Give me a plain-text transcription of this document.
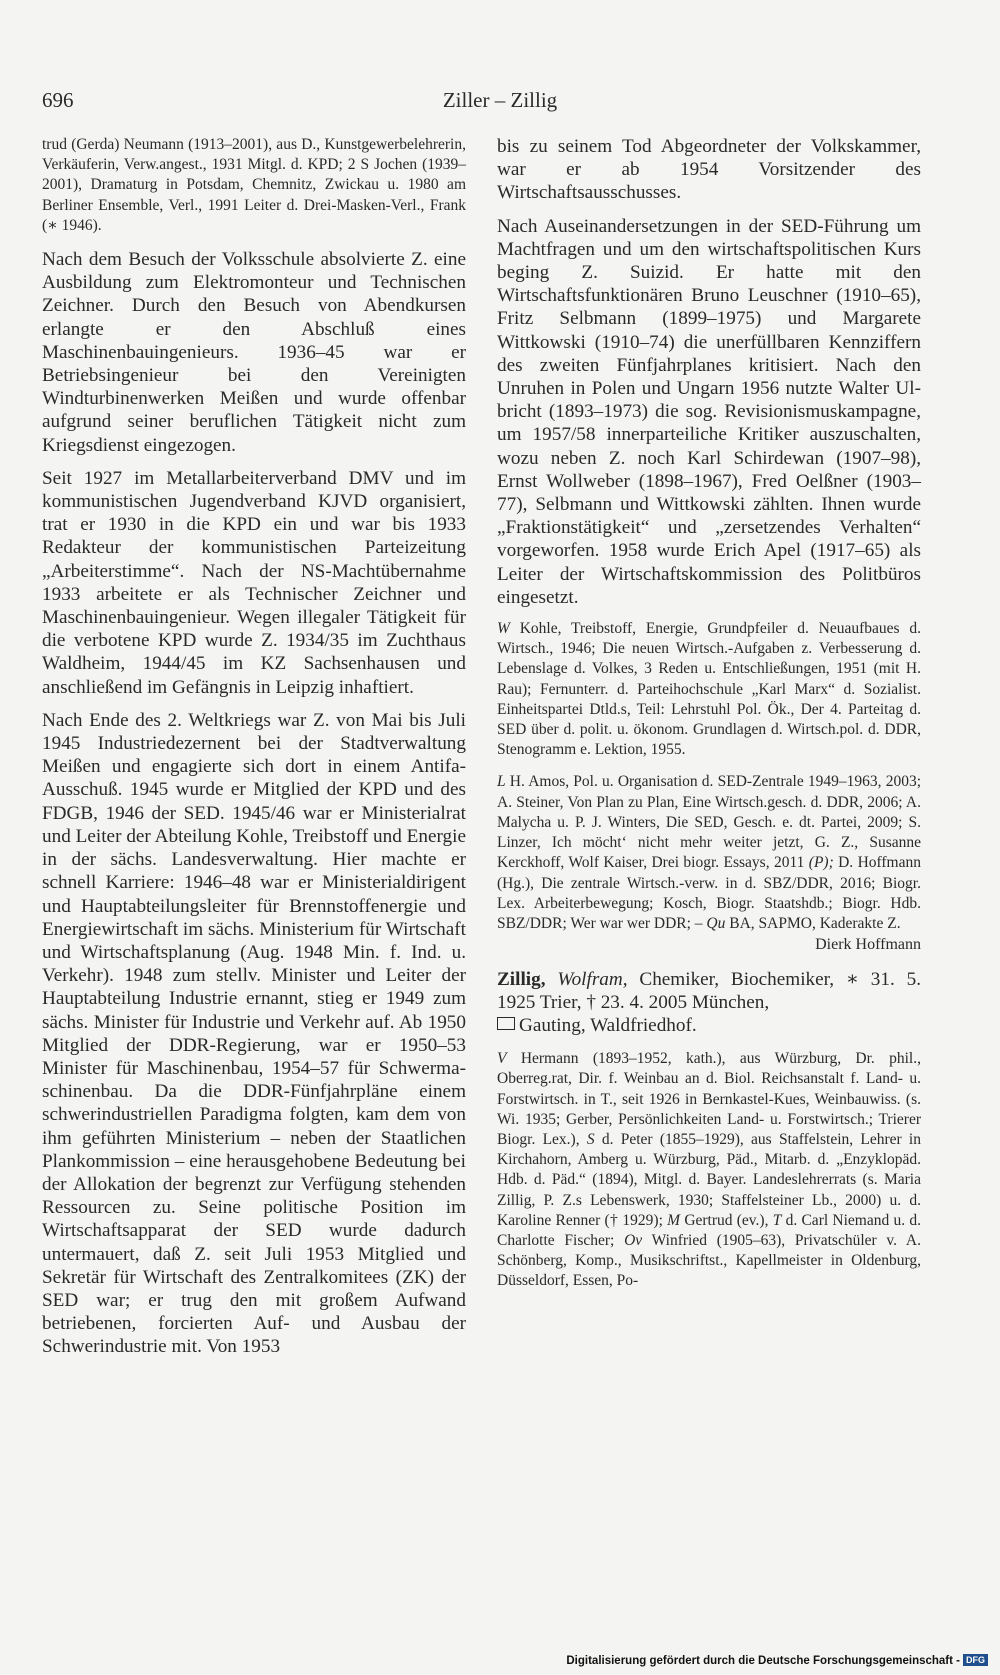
696	Ziller – Zillig

trud (Gerda) Neumann (1913–2001), aus D., Kunstgewerbelehrerin, Verkäuferin, Verw.angest., 1931 Mitgl. d. KPD; 2 S Jochen (1939–2001), Dramaturg in Potsdam, Chemnitz, Zwickau u. 1980 am Berliner Ensemble, Verl., 1991 Leiter d. Drei-Masken-Verl., Frank (∗ 1946).

Nach dem Besuch der Volksschule absolvierte Z. eine Ausbildung zum Elektromonteur und Technischen Zeichner. Durch den Besuch von Abendkursen erlangte er den Abschluß eines Maschinenbauingenieurs. 1936–45 war er Betriebsingenieur bei den Vereinigten Windturbinenwerken Meißen und wurde offenbar aufgrund seiner beruflichen Tätigkeit nicht zum Kriegsdienst eingezogen.

Seit 1927 im Metallarbeiterverband DMV und im kommunistischen Jugendverband KJVD organisiert, trat er 1930 in die KPD ein und war bis 1933 Redakteur der kommunistischen Parteizeitung „Arbeiterstimme“. Nach der NS-Machtübernahme 1933 arbeitete er als Technischer Zeichner und Maschinenbauingenieur. Wegen illegaler Tätigkeit für die verbotene KPD wurde Z. 1934/35 im Zuchthaus Waldheim, 1944/45 im KZ Sachsenhausen und anschließend im Gefängnis in Leipzig inhaftiert.

Nach Ende des 2. Weltkriegs war Z. von Mai bis Juli 1945 Industriedezernent bei der Stadtverwaltung Meißen und engagierte sich dort in einem Antifa-Ausschuß. 1945 wurde er Mitglied der KPD und des FDGB, 1946 der SED. 1945/46 war er Ministerialrat und Leiter der Abteilung Kohle, Treibstoff und Energie in der sächs. Landesverwaltung. Hier machte er schnell Karriere: 1946–48 war er Ministerialdirigent und Hauptabteilungsleiter für Brennstoffenergie und Energiewirtschaft im sächs. Ministerium für Wirtschaft und Wirtschaftsplanung (Aug. 1948 Min. f. Ind. u. Verkehr). 1948 zum stellv. Minister und Leiter der Hauptabteilung Industrie ernannt, stieg er 1949 zum sächs. Minister für Industrie und Verkehr auf. Ab 1950 Mitglied der DDR-Regierung, war er 1950–53 Minister für Maschinenbau, 1954–57 für Schwermaschinenbau. Da die DDR-Fünfjahrpläne einem schwerindustriellen Paradigma folgten, kam dem von ihm geführten Ministerium – neben der Staatlichen Plankommission – eine herausgehobene Bedeutung bei der Allokation der begrenzt zur Verfügung stehenden Ressourcen zu. Seine politische Position im Wirtschaftsapparat der SED wurde dadurch untermauert, daß Z. seit Juli 1953 Mitglied und Sekretär für Wirtschaft des Zentralkomitees (ZK) der SED war; er trug den mit großem Aufwand betriebenen, forcierten Auf- und Ausbau der Schwerindustrie mit. Von 1953

bis zu seinem Tod Abgeordneter der Volkskammer, war er ab 1954 Vorsitzender des Wirtschaftsausschusses.

Nach Auseinandersetzungen in der SED-Führung um Machtfragen und um den wirtschaftspolitischen Kurs beging Z. Suizid. Er hatte mit den Wirtschaftsfunktionären Bruno Leuschner (1910–65), Fritz Selbmann (1899–1975) und Margarete Wittkowski (1910–74) die unerfüllbaren Kennziffern des zweiten Fünfjahrplanes kritisiert. Nach den Unruhen in Polen und Ungarn 1956 nutzte Walter Ulbricht (1893–1973) die sog. Revisionismuskampagne, um 1957/58 innerparteiliche Kritiker auszuschalten, wozu neben Z. noch Karl Schirdewan (1907–98), Ernst Wollweber (1898–1967), Fred Oelßner (1903–77), Selbmann und Wittkowski zählten. Ihnen wurde „Fraktionstätigkeit“ und „zersetzendes Verhalten“ vorgeworfen. 1958 wurde Erich Apel (1917–65) als Leiter der Wirtschaftskommission des Politbüros eingesetzt.

W Kohle, Treibstoff, Energie, Grundpfeiler d. Neuaufbaues d. Wirtsch., 1946; Die neuen Wirtsch.-Aufgaben z. Verbesserung d. Lebenslage d. Volkes, 3 Reden u. Entschließungen, 1951 (mit H. Rau); Fernunterr. d. Parteihochschule „Karl Marx“ d. Sozialist. Einheitspartei Dtld.s, Teil: Lehrstuhl Pol. Ök., Der 4. Parteitag d. SED über d. polit. u. ökonom. Grundlagen d. Wirtsch.pol. d. DDR, Stenogramm e. Lektion, 1955.

L H. Amos, Pol. u. Organisation d. SED-Zentrale 1949–1963, 2003; A. Steiner, Von Plan zu Plan, Eine Wirtsch.gesch. d. DDR, 2006; A. Malycha u. P. J. Winters, Die SED, Gesch. e. dt. Partei, 2009; S. Linzer, Ich möcht‘ nicht mehr weiter jetzt, G. Z., Susanne Kerckhoff, Wolf Kaiser, Drei biogr. Essays, 2011 (P); D. Hoffmann (Hg.), Die zentrale Wirtsch.-verw. in d. SBZ/DDR, 2016; Biogr. Lex. Arbeiterbewegung; Kosch, Biogr. Staatshdb.; Biogr. Hdb. SBZ/DDR; Wer war wer DDR; – Qu BA, SAPMO, Kaderakte Z.

Dierk Hoffmann

Zillig, Wolfram, Chemiker, Biochemiker, ∗ 31. 5. 1925 Trier, † 23. 4. 2005 München,
Gauting, Waldfriedhof.

V Hermann (1893–1952, kath.), aus Würzburg, Dr. phil., Oberreg.rat, Dir. f. Weinbau an d. Biol. Reichsanstalt f. Land- u. Forstwirtsch. in T., seit 1926 in Bernkastel-Kues, Weinbauwiss. (s. Wi. 1935; Gerber, Persönlichkeiten Land- u. Forstwirtsch.; Trierer Biogr. Lex.), S d. Peter (1855–1929), aus Staffelstein, Lehrer in Kirchahorn, Amberg u. Würzburg, Päd., Mitarb. d. „Enzyklopäd. Hdb. d. Päd.“ (1894), Mitgl. d. Bayer. Landeslehrerrats (s. Maria Zillig, P. Z.s Lebenswerk, 1930; Staffelsteiner Lb., 2000) u. d. Karoline Renner († 1929); M Gertrud (ev.), T d. Carl Niemand u. d. Charlotte Fischer; Ov Winfried (1905–63), Privatschüler v. A. Schönberg, Komp., Musikschriftst., Kapellmeister in Oldenburg, Düsseldorf, Essen, Po-

Digitalisierung gefördert durch die Deutsche Forschungsgemeinschaft - DFG
